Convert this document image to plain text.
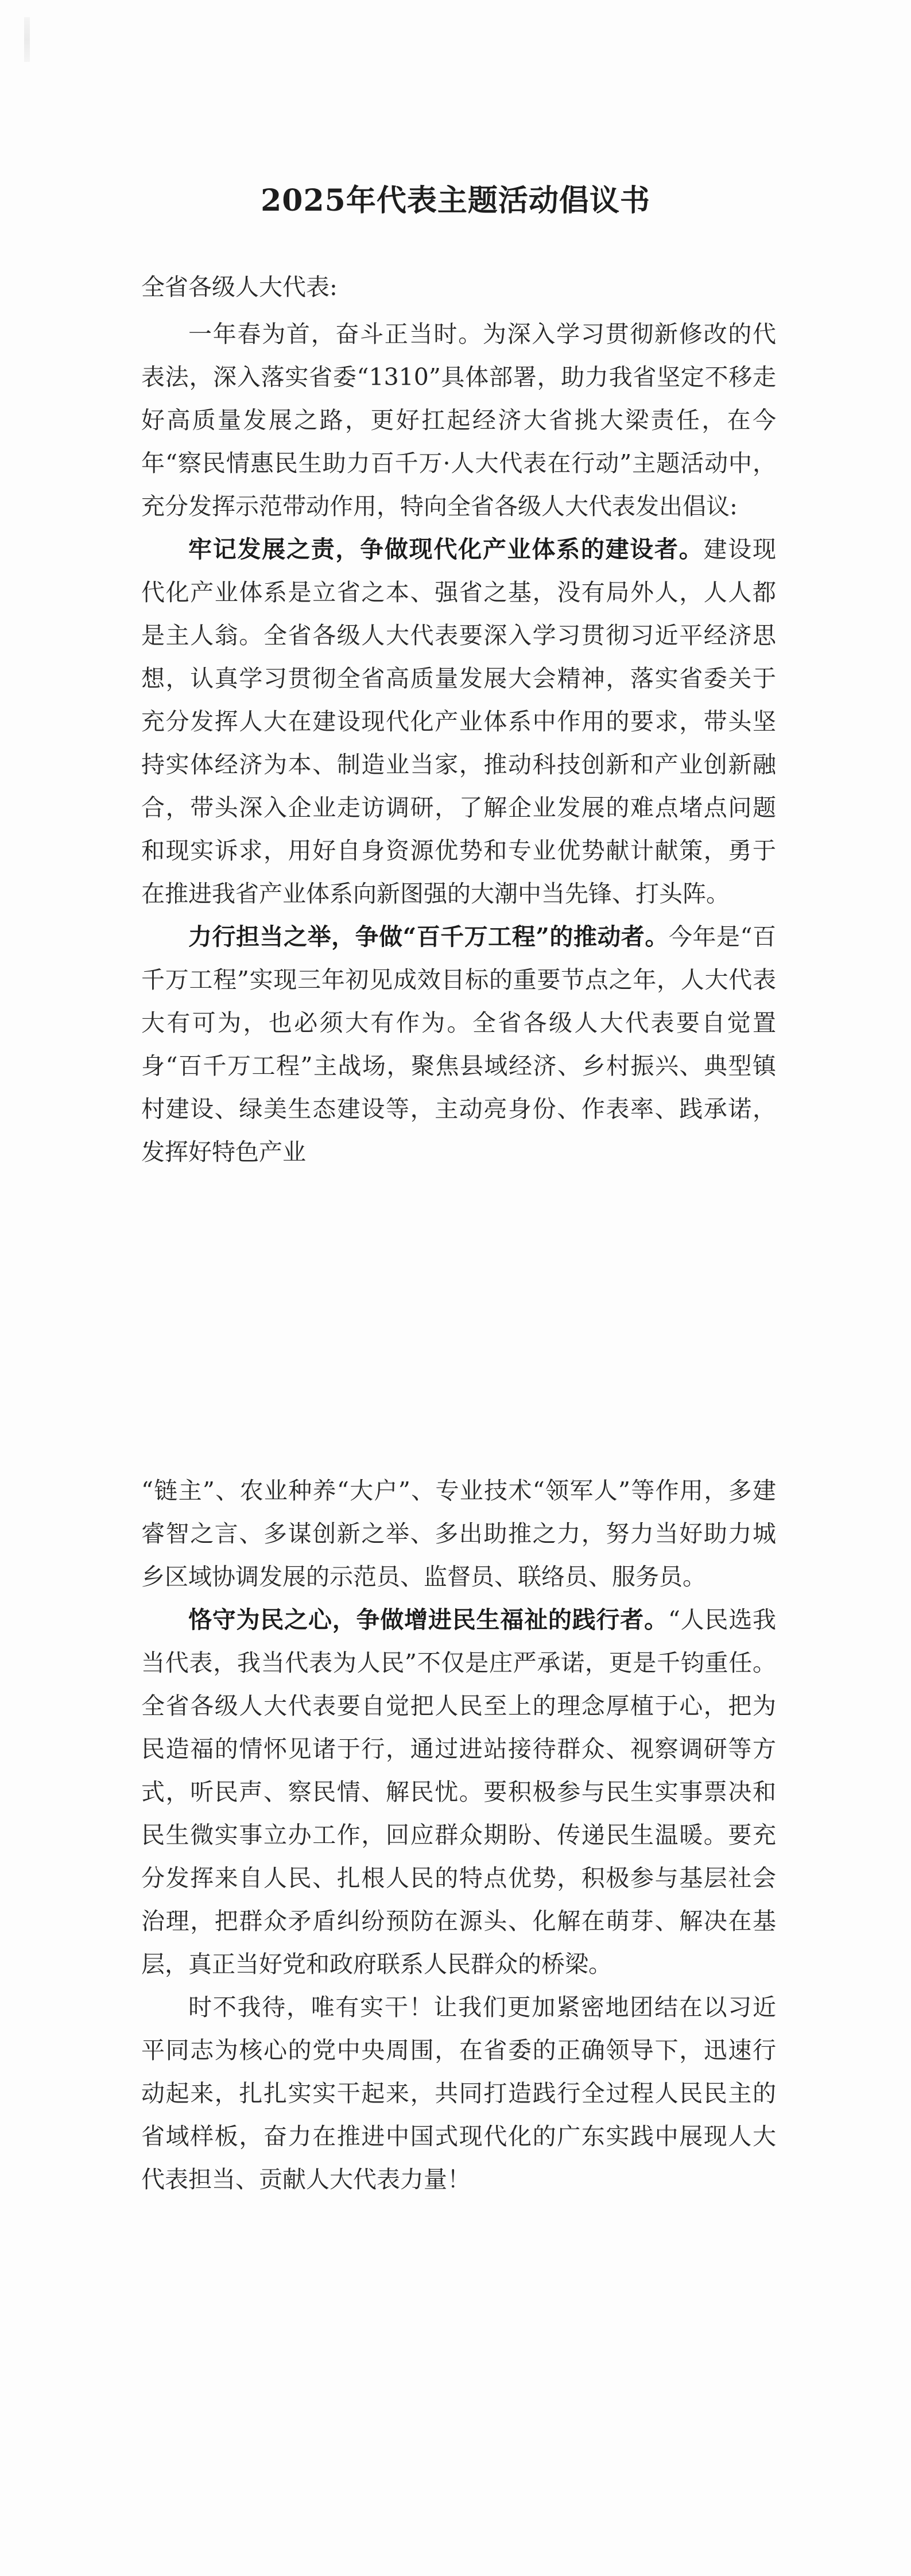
2025年代表主题活动倡议书
全省各级人大代表:

一年春为首，奋斗正当时。为深入学习贯彻新修改的代表法，深入落实省委“1310”具体部署，助力我省坚定不移走好高质量发展之路，更好扛起经济大省挑大梁责任，在今年“察民情惠民生助力百千万·人大代表在行动”主题活动中，充分发挥示范带动作用，特向全省各级人大代表发出倡议:

牢记发展之责，争做现代化产业体系的建设者。建设现代化产业体系是立省之本、强省之基，没有局外人，人人都是主人翁。全省各级人大代表要深入学习贯彻习近平经济思想，认真学习贯彻全省高质量发展大会精神，落实省委关于充分发挥人大在建设现代化产业体系中作用的要求，带头坚持实体经济为本、制造业当家，推动科技创新和产业创新融合，带头深入企业走访调研，了解企业发展的难点堵点问题和现实诉求，用好自身资源优势和专业优势献计献策，勇于在推进我省产业体系向新图强的大潮中当先锋、打头阵。

力行担当之举，争做“百千万工程”的推动者。今年是“百千万工程”实现三年初见成效目标的重要节点之年，人大代表大有可为，也必须大有作为。全省各级人大代表要自觉置身“百千万工程”主战场，聚焦县域经济、乡村振兴、典型镇村建设、绿美生态建设等，主动亮身份、作表率、践承诺，发挥好特色产业

“链主”、农业种养“大户”、专业技术“领军人”等作用，多建睿智之言、多谋创新之举、多出助推之力，努力当好助力城乡区域协调发展的示范员、监督员、联络员、服务员。

恪守为民之心，争做增进民生福祉的践行者。“人民选我当代表，我当代表为人民”不仅是庄严承诺，更是千钧重任。全省各级人大代表要自觉把人民至上的理念厚植于心，把为民造福的情怀见诸于行，通过进站接待群众、视察调研等方式，听民声、察民情、解民忧。要积极参与民生实事票决和民生微实事立办工作，回应群众期盼、传递民生温暖。要充分发挥来自人民、扎根人民的特点优势，积极参与基层社会治理，把群众矛盾纠纷预防在源头、化解在萌芽、解决在基层，真正当好党和政府联系人民群众的桥梁。

时不我待，唯有实干！让我们更加紧密地团结在以习近平同志为核心的党中央周围，在省委的正确领导下，迅速行动起来，扎扎实实干起来，共同打造践行全过程人民民主的省域样板，奋力在推进中国式现代化的广东实践中展现人大代表担当、贡献人大代表力量！
